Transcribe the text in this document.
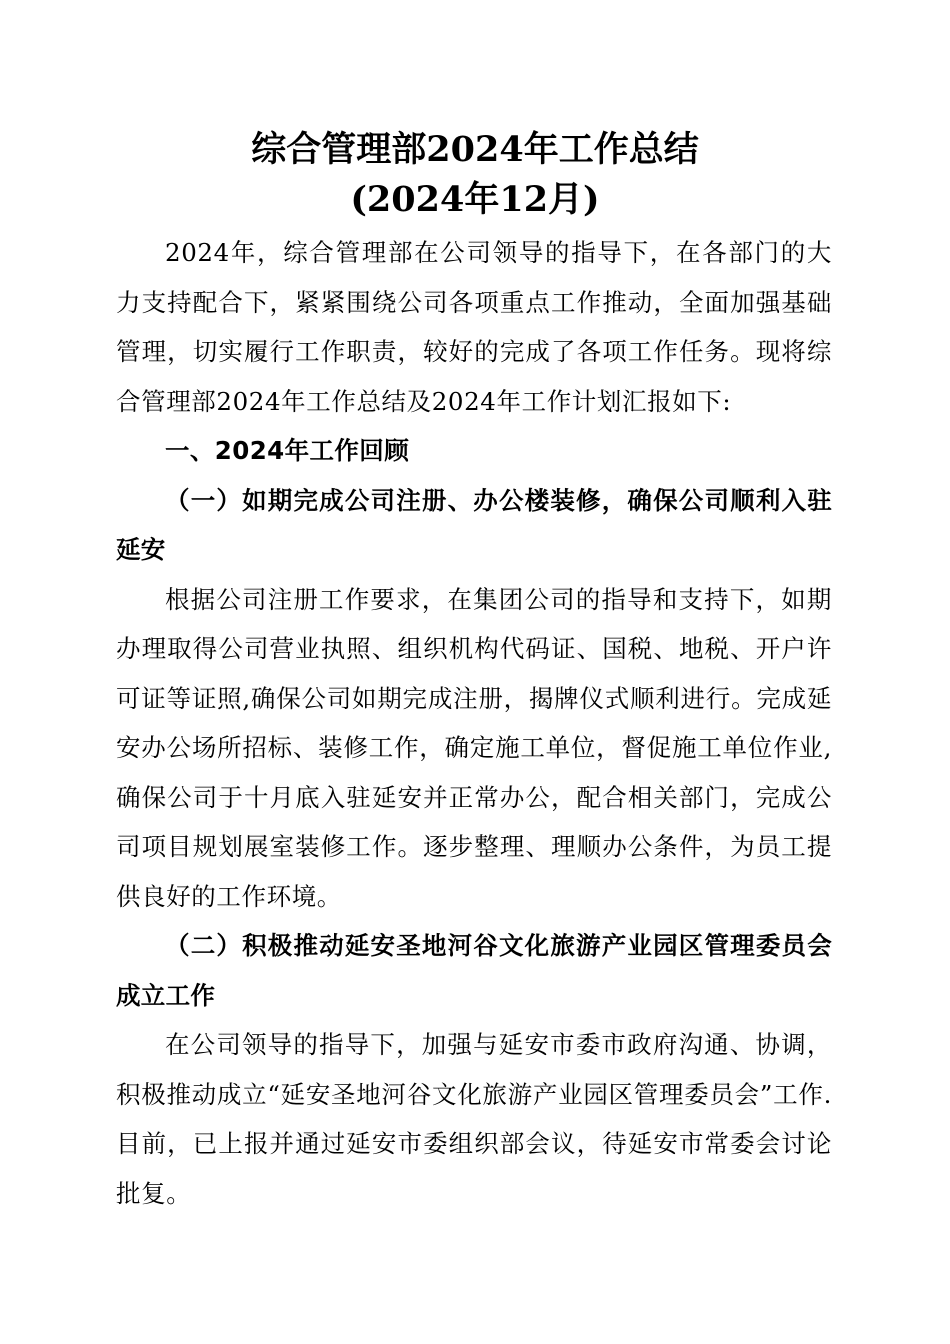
综合管理部2024年工作总结
(2024年12月)

2024年，综合管理部在公司领导的指导下，在各部门的大力支持配合下，紧紧围绕公司各项重点工作推动，全面加强基础管理，切实履行工作职责，较好的完成了各项工作任务。现将综合管理部2024年工作总结及2024年工作计划汇报如下:

一、2024年工作回顾

（一）如期完成公司注册、办公楼装修，确保公司顺利入驻延安

根据公司注册工作要求，在集团公司的指导和支持下，如期办理取得公司营业执照、组织机构代码证、国税、地税、开户许可证等证照,确保公司如期完成注册，揭牌仪式顺利进行。完成延安办公场所招标、装修工作，确定施工单位，督促施工单位作业,确保公司于十月底入驻延安并正常办公，配合相关部门，完成公司项目规划展室装修工作。逐步整理、理顺办公条件，为员工提供良好的工作环境。

（二）积极推动延安圣地河谷文化旅游产业园区管理委员会成立工作

在公司领导的指导下，加强与延安市委市政府沟通、协调，积极推动成立“延安圣地河谷文化旅游产业园区管理委员会”工作.目前，已上报并通过延安市委组织部会议，待延安市常委会讨论批复。
